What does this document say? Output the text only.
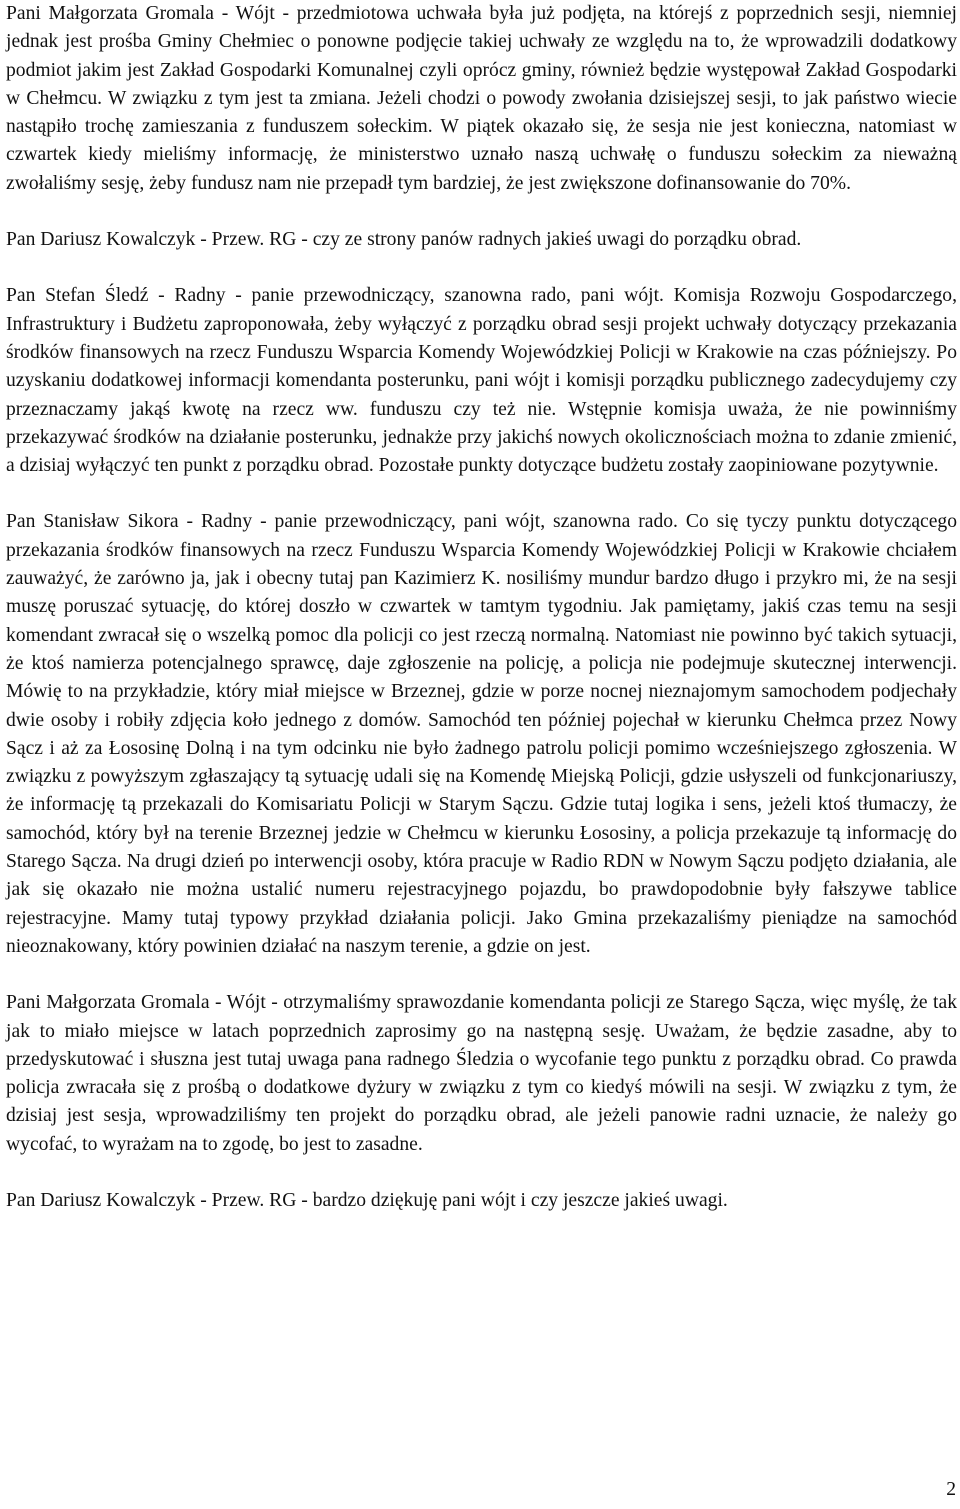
Pani Małgorzata Gromala - Wójt - przedmiotowa uchwała była już podjęta, na którejś z poprzednich sesji, niemniej jednak jest prośba Gminy Chełmiec o ponowne podjęcie takiej uchwały ze względu na to, że wprowadzili dodatkowy podmiot jakim jest Zakład Gospodarki Komunalnej czyli oprócz gminy, również będzie występował Zakład Gospodarki w Chełmcu. W związku z tym jest ta zmiana. Jeżeli chodzi o powody zwołania dzisiejszej sesji, to jak państwo wiecie nastąpiło trochę zamieszania z funduszem sołeckim. W piątek okazało się, że sesja nie jest konieczna, natomiast w czwartek kiedy mieliśmy informację, że ministerstwo uznało naszą uchwałę o funduszu sołeckim za nieważną zwołaliśmy sesję, żeby fundusz nam nie przepadł tym bardziej, że jest zwiększone dofinansowanie do 70%.

Pan Dariusz Kowalczyk - Przew. RG - czy ze strony panów radnych jakieś uwagi do porządku obrad.

Pan Stefan Śledź - Radny - panie przewodniczący, szanowna rado, pani wójt. Komisja Rozwoju Gospodarczego, Infrastruktury i Budżetu zaproponowała, żeby wyłączyć z porządku obrad sesji projekt uchwały dotyczący przekazania środków finansowych na rzecz Funduszu Wsparcia Komendy Wojewódzkiej Policji w Krakowie na czas późniejszy. Po uzyskaniu dodatkowej informacji komendanta posterunku, pani wójt i komisji porządku publicznego zadecydujemy czy przeznaczamy jakąś kwotę na rzecz ww. funduszu czy też nie. Wstępnie komisja uważa, że nie powinniśmy przekazywać środków na działanie posterunku, jednakże przy jakichś nowych okolicznościach można to zdanie zmienić, a dzisiaj wyłączyć ten punkt z porządku obrad. Pozostałe punkty dotyczące budżetu zostały zaopiniowane pozytywnie.

Pan Stanisław Sikora - Radny - panie przewodniczący, pani wójt, szanowna rado. Co się tyczy punktu dotyczącego przekazania środków finansowych na rzecz Funduszu Wsparcia Komendy Wojewódzkiej Policji w Krakowie chciałem zauważyć, że zarówno ja, jak i obecny tutaj pan Kazimierz K. nosiliśmy mundur bardzo długo i przykro mi, że na sesji muszę poruszać sytuację, do której doszło w czwartek w tamtym tygodniu. Jak pamiętamy, jakiś czas temu na sesji komendant zwracał się o wszelką pomoc dla policji co jest rzeczą normalną. Natomiast nie powinno być takich sytuacji, że ktoś namierza potencjalnego sprawcę, daje zgłoszenie na policję, a policja nie podejmuje skutecznej interwencji. Mówię to na przykładzie, który miał miejsce w Brzeznej, gdzie w porze nocnej nieznajomym samochodem podjechały dwie osoby i robiły zdjęcia koło jednego z domów. Samochód ten później pojechał w kierunku Chełmca przez Nowy Sącz i aż za Łososinę Dolną i na tym odcinku nie było żadnego patrolu policji pomimo wcześniejszego zgłoszenia. W związku z powyższym zgłaszający tą sytuację udali się na Komendę Miejską Policji, gdzie usłyszeli od funkcjonariuszy, że informację tą przekazali do Komisariatu Policji w Starym Sączu. Gdzie tutaj logika i sens, jeżeli ktoś tłumaczy, że samochód, który był na terenie Brzeznej jedzie w Chełmcu w kierunku Łososiny, a policja przekazuje tą informację do Starego Sącza. Na drugi dzień po interwencji osoby, która pracuje w Radio RDN w Nowym Sączu podjęto działania, ale jak się okazało nie można ustalić numeru rejestracyjnego pojazdu, bo prawdopodobnie były fałszywe tablice rejestracyjne. Mamy tutaj typowy przykład działania policji. Jako Gmina przekazaliśmy pieniądze na samochód nieoznakowany, który powinien działać na naszym terenie, a gdzie on jest.

Pani Małgorzata Gromala - Wójt - otrzymaliśmy sprawozdanie komendanta policji ze Starego Sącza, więc myślę, że tak jak to miało miejsce w latach poprzednich zaprosimy go na następną sesję. Uważam, że będzie zasadne, aby to przedyskutować i słuszna jest tutaj uwaga pana radnego Śledzia o wycofanie tego punktu z porządku obrad. Co prawda policja zwracała się z prośbą o dodatkowe dyżury w związku z tym co kiedyś mówili na sesji. W związku z tym, że dzisiaj jest sesja, wprowadziliśmy ten projekt do porządku obrad, ale jeżeli panowie radni uznacie, że należy go wycofać, to wyrażam na to zgodę, bo jest to zasadne.

Pan Dariusz Kowalczyk - Przew. RG - bardzo dziękuję pani wójt i czy jeszcze jakieś uwagi.

2
